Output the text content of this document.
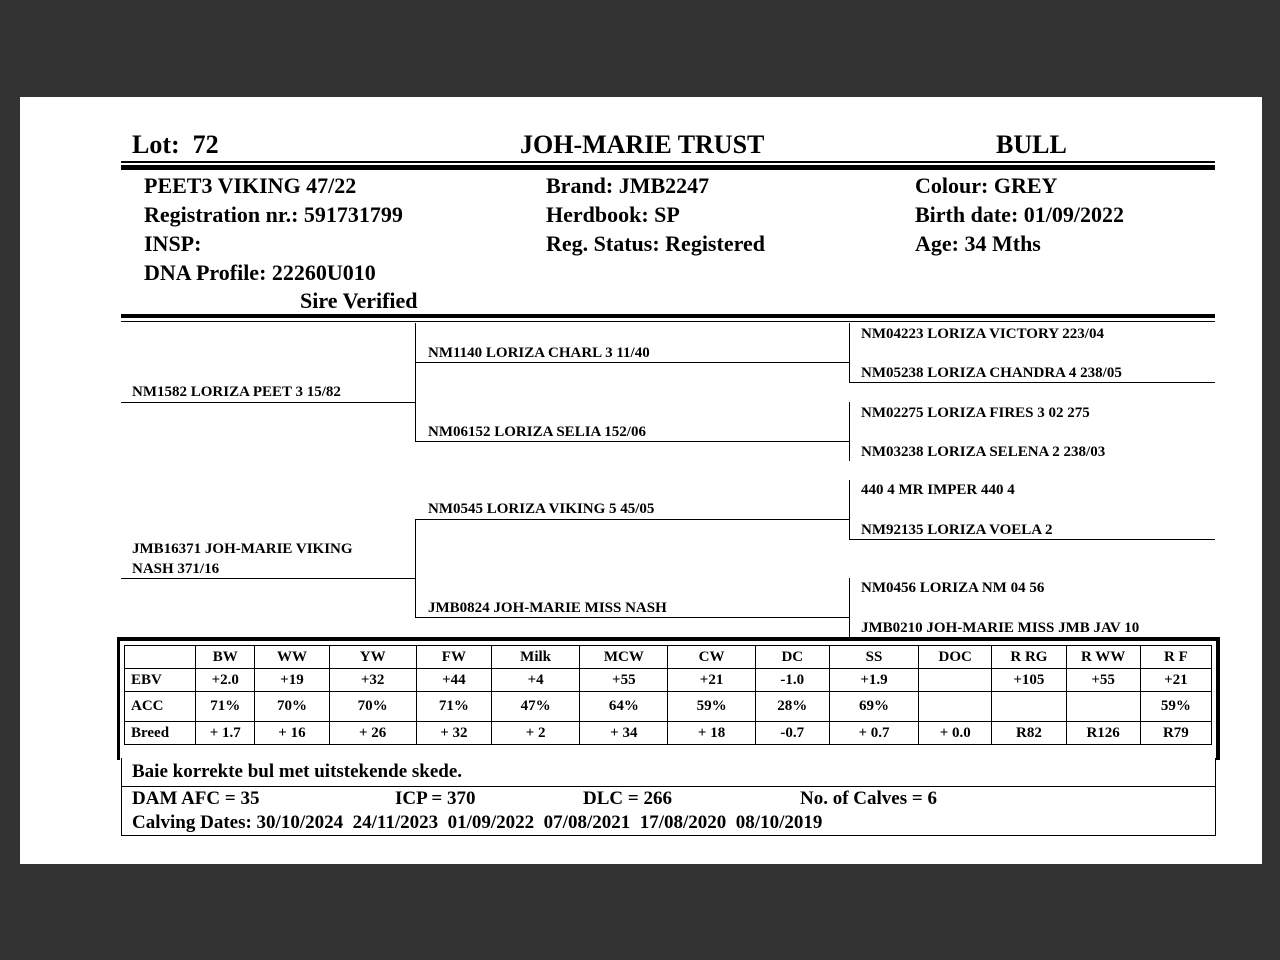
Lot: 72	JOH-MARIE TRUST	BULL
PEET3 VIKING 47/22
Registration nr.: 591731799
INSP:
DNA Profile: 22260U010
Sire Verified
Brand: JMB2247
Herdbook: SP
Reg. Status: Registered
Colour: GREY
Birth date: 01/09/2022
Age: 34 Mths
NM1582 LORIZA PEET 3 15/82
JMB16371 JOH-MARIE VIKING
NASH 371/16
NM1140 LORIZA CHARL 3 11/40
NM06152 LORIZA SELIA 152/06
NM0545 LORIZA VIKING 5 45/05
JMB0824 JOH-MARIE MISS NASH
NM04223 LORIZA VICTORY 223/04
NM05238 LORIZA CHANDRA 4 238/05
NM02275 LORIZA FIRES 3 02 275
NM03238 LORIZA SELENA 2 238/03
440 4 MR IMPER 440 4
NM92135 LORIZA VOELA 2
NM0456 LORIZA NM 04 56
JMB0210 JOH-MARIE MISS JMB JAV 10
	BW	WW	YW	FW	Milk	MCW	CW	DC	SS	DOC	R RG	R WW	R F
EBV	+2.0	+19	+32	+44	+4	+55	+21	-1.0	+1.9		+105	+55	+21
ACC	71%	70%	70%	71%	47%	64%	59%	28%	69%				59%
Breed	+ 1.7	+ 16	+ 26	+ 32	+ 2	+ 34	+ 18	-0.7	+ 0.7	+ 0.0	R82	R126	R79
Baie korrekte bul met uitstekende skede.
DAM AFC = 35	ICP = 370	DLC = 266	No. of Calves = 6
Calving Dates: 30/10/2024  24/11/2023  01/09/2022  07/08/2021  17/08/2020  08/10/2019
